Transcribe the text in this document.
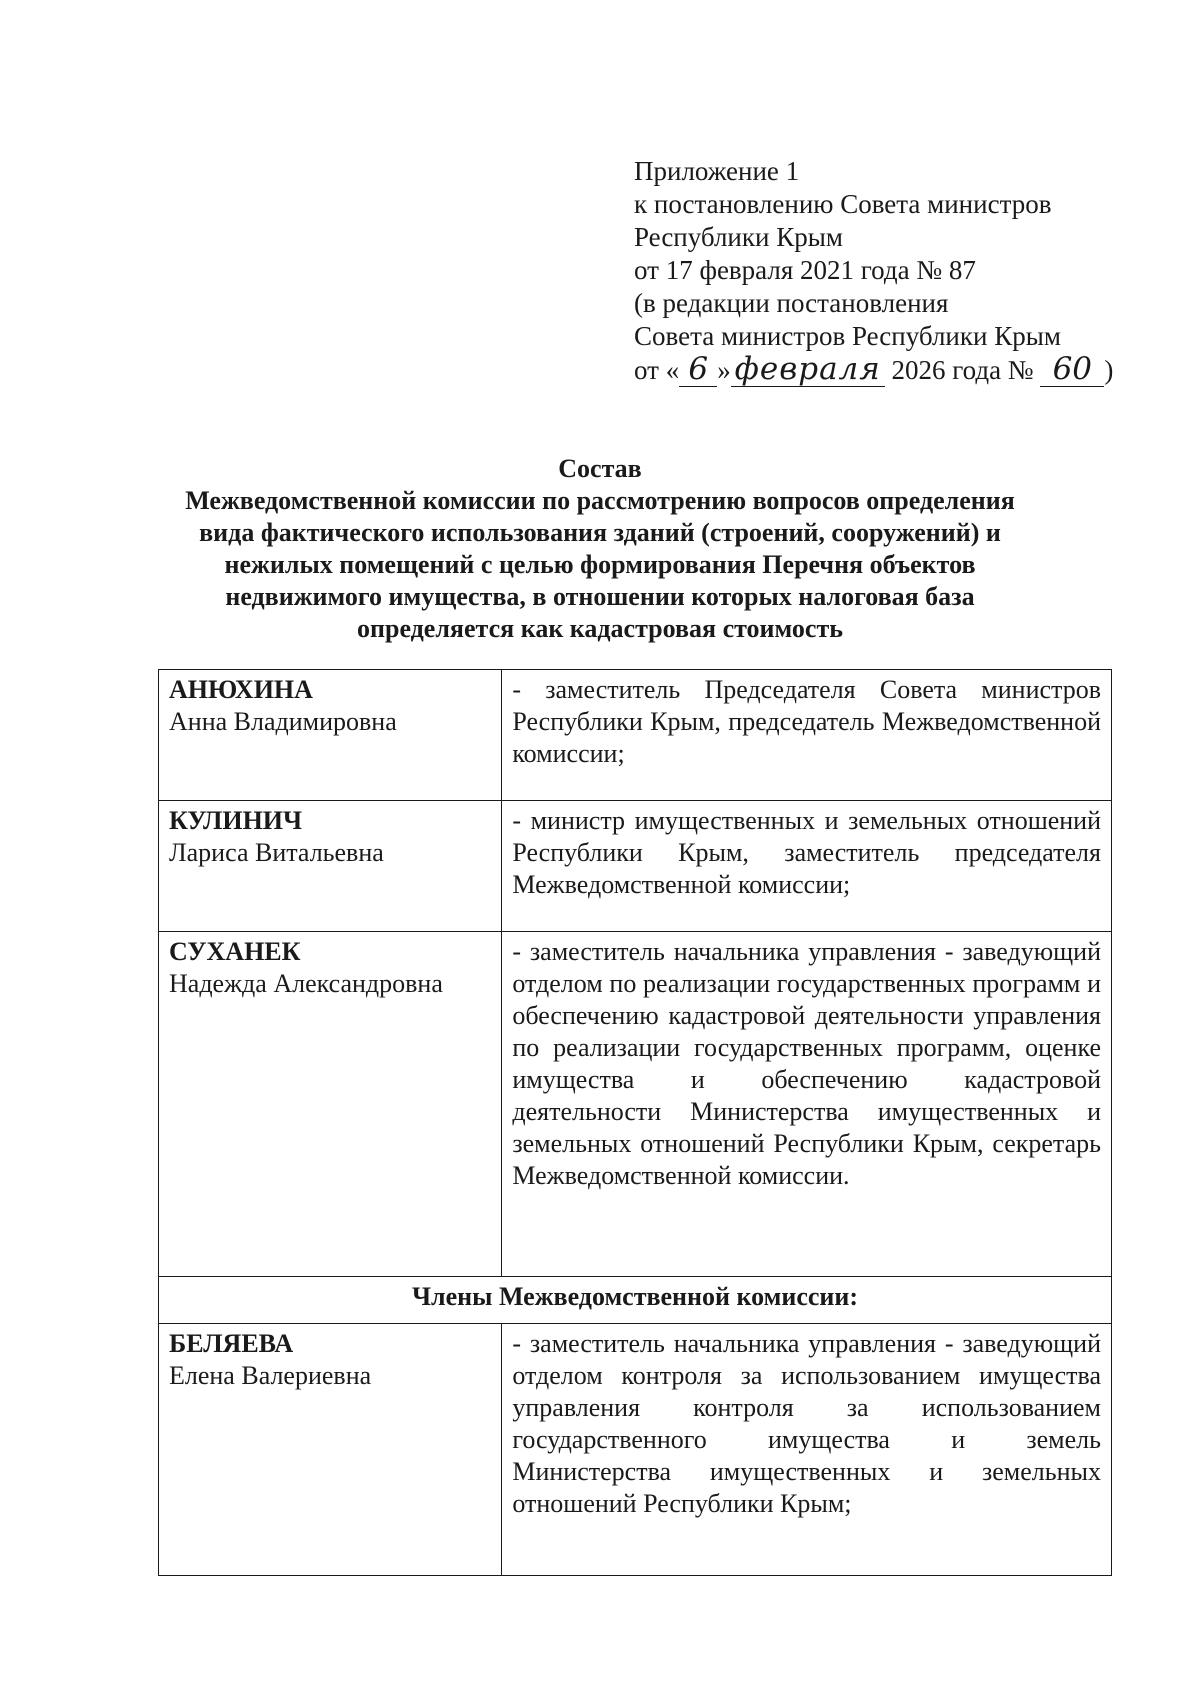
Приложение 1
к постановлению Совета министров
Республики Крым
от 17 февраля 2021 года № 87
(в редакции постановления
Совета министров Республики Крым
от « 6 » февраля 2026 года № 60 )
Состав
Межведомственной комиссии по рассмотрению вопросов определения
вида фактического использования зданий (строений, сооружений) и
нежилых помещений с целью формирования Перечня объектов
недвижимого имущества, в отношении которых налоговая база
определяется как кадастровая стоимость
АНЮХИНА
Анна Владимировна	- заместитель Председателя Совета министров Республики Крым, председатель Межведомственной комиссии;

КУЛИНИЧ
Лариса Витальевна	- министр имущественных и земельных отношений Республики Крым, заместитель председателя Межведомственной комиссии;

СУХАНЕК
Надежда Александровна	- заместитель начальника управления - заведующий отделом по реализации государственных программ и обеспечению кадастровой деятельности управления по реализации государственных программ, оценке имущества и обеспечению кадастровой деятельности Министерства имущественных и земельных отношений Республики Крым, секретарь Межведомственной комиссии.
Члены Межведомственной комиссии:	

БЕЛЯЕВА
Елена Валериевна	- заместитель начальника управления - заведующий отделом контроля за использованием имущества управления контроля за использованием государственного имущества и земель Министерства имущественных и земельных отношений Республики Крым;
